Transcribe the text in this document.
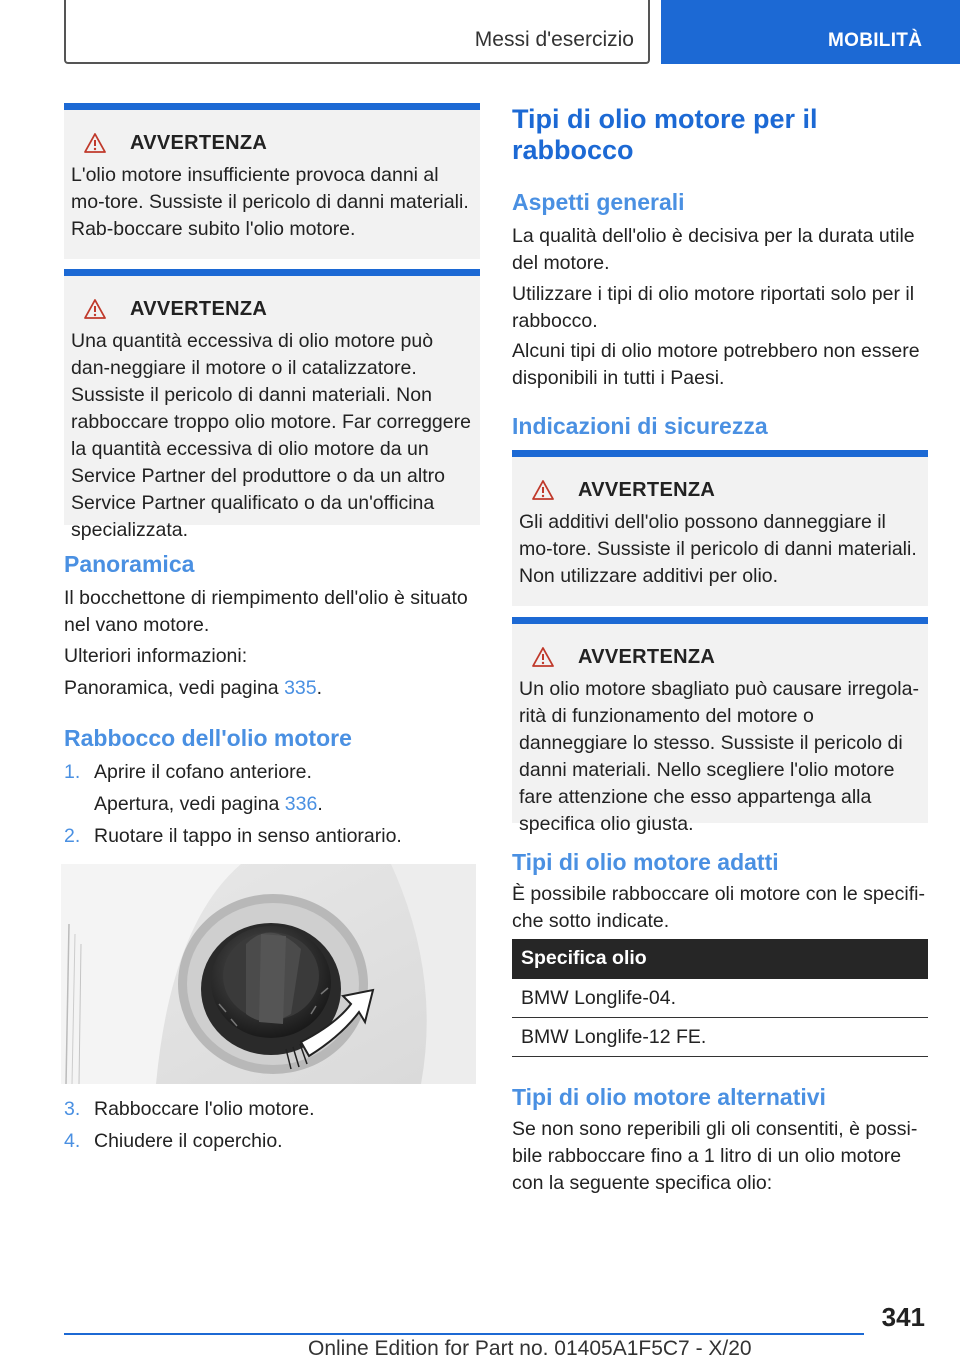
Messi d'esercizio	MOBILITÀ
AVVERTENZA

L'olio motore insufficiente provoca danni al mo-tore. Sussiste il pericolo di danni materiali. Rab-boccare subito l'olio motore.

AVVERTENZA

Una quantità eccessiva di olio motore può dan-neggiare il motore o il catalizzatore. Sussiste il pericolo di danni materiali. Non rabboccare troppo olio motore. Far correggere la quantità eccessiva di olio motore da un Service Partner del produttore o da un altro Service Partner qualificato o da un'officina specializzata.

Panoramica

Il bocchettone di riempimento dell'olio è situato nel vano motore.

Ulteriori informazioni:

Panoramica, vedi pagina 335.

Rabbocco dell'olio motore
1. Aprire il cofano anteriore.
Apertura, vedi pagina 336.
2. Ruotare il tappo in senso antiorario.
3. Rabboccare l'olio motore.
4. Chiudere il coperchio.
Tipi di olio motore per il rabbocco
Aspetti generali

La qualità dell'olio è decisiva per la durata utile del motore.

Utilizzare i tipi di olio motore riportati solo per il rabbocco.

Alcuni tipi di olio motore potrebbero non essere disponibili in tutti i Paesi.

Indicazioni di sicurezza
AVVERTENZA

Gli additivi dell'olio possono danneggiare il mo-tore. Sussiste il pericolo di danni materiali. Non utilizzare additivi per olio.

AVVERTENZA

Un olio motore sbagliato può causare irregola-rità di funzionamento del motore o danneggiare lo stesso. Sussiste il pericolo di danni materiali. Nello scegliere l'olio motore fare attenzione che esso appartenga alla specifica olio giusta.

Tipi di olio motore adatti

È possibile rabboccare oli motore con le specifi-che sotto indicate.

Specifica olio
BMW Longlife-04.
BMW Longlife-12 FE.
Tipi di olio motore alternativi

Se non sono reperibili gli oli consentiti, è possi-bile rabboccare fino a 1 litro di un olio motore con la seguente specifica olio:

341
Online Edition for Part no. 01405A1F5C7 - X/20
